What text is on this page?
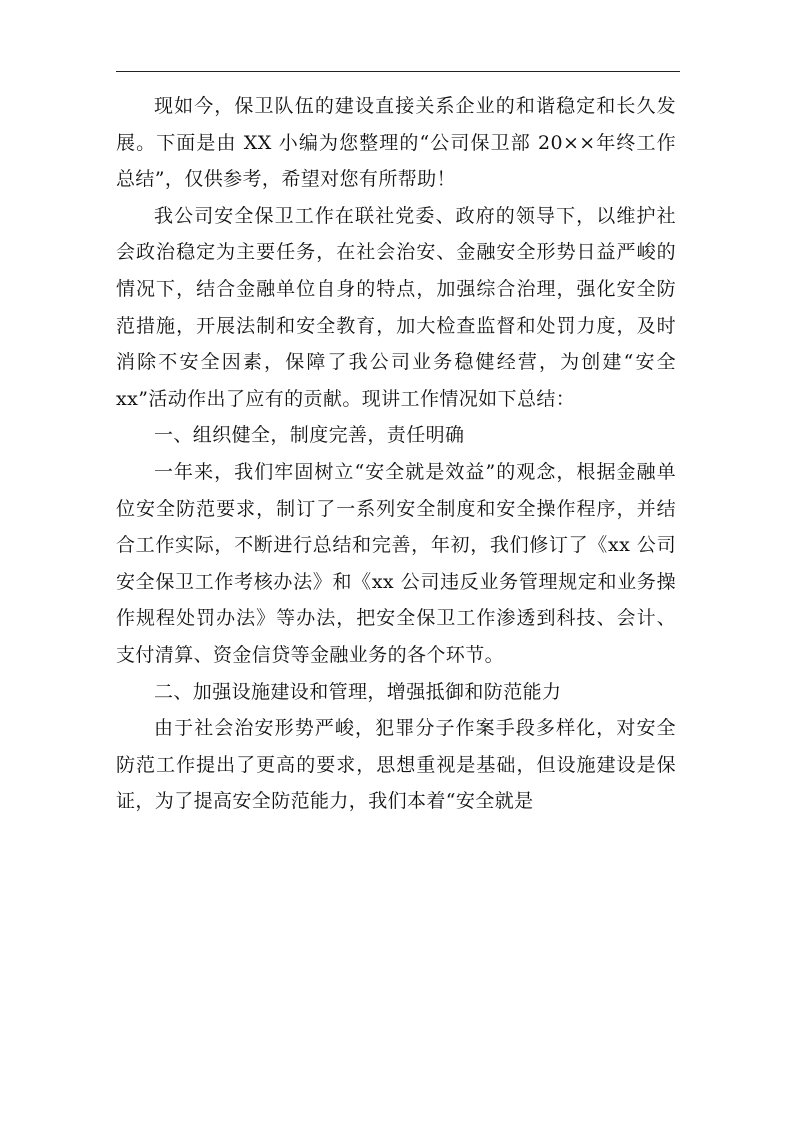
现如今，保卫队伍的建设直接关系企业的和谐稳定和长久发展。下面是由 XX 小编为您整理的“公司保卫部 20××年终工作总结”，仅供参考，希望对您有所帮助！

我公司安全保卫工作在联社党委、政府的领导下，以维护社会政治稳定为主要任务，在社会治安、金融安全形势日益严峻的情况下，结合金融单位自身的特点，加强综合治理，强化安全防范措施，开展法制和安全教育，加大检查监督和处罚力度，及时消除不安全因素，保障了我公司业务稳健经营，为创建“安全 xx”活动作出了应有的贡献。现讲工作情况如下总结：

一、组织健全，制度完善，责任明确

一年来，我们牢固树立“安全就是效益”的观念，根据金融单位安全防范要求，制订了一系列安全制度和安全操作程序，并结合工作实际，不断进行总结和完善，年初，我们修订了《xx 公司安全保卫工作考核办法》和《xx 公司违反业务管理规定和业务操作规程处罚办法》等办法，把安全保卫工作渗透到科技、会计、支付清算、资金信贷等金融业务的各个环节。

二、加强设施建设和管理，增强抵御和防范能力

由于社会治安形势严峻，犯罪分子作案手段多样化，对安全防范工作提出了更高的要求，思想重视是基础，但设施建设是保证，为了提高安全防范能力，我们本着“安全就是
